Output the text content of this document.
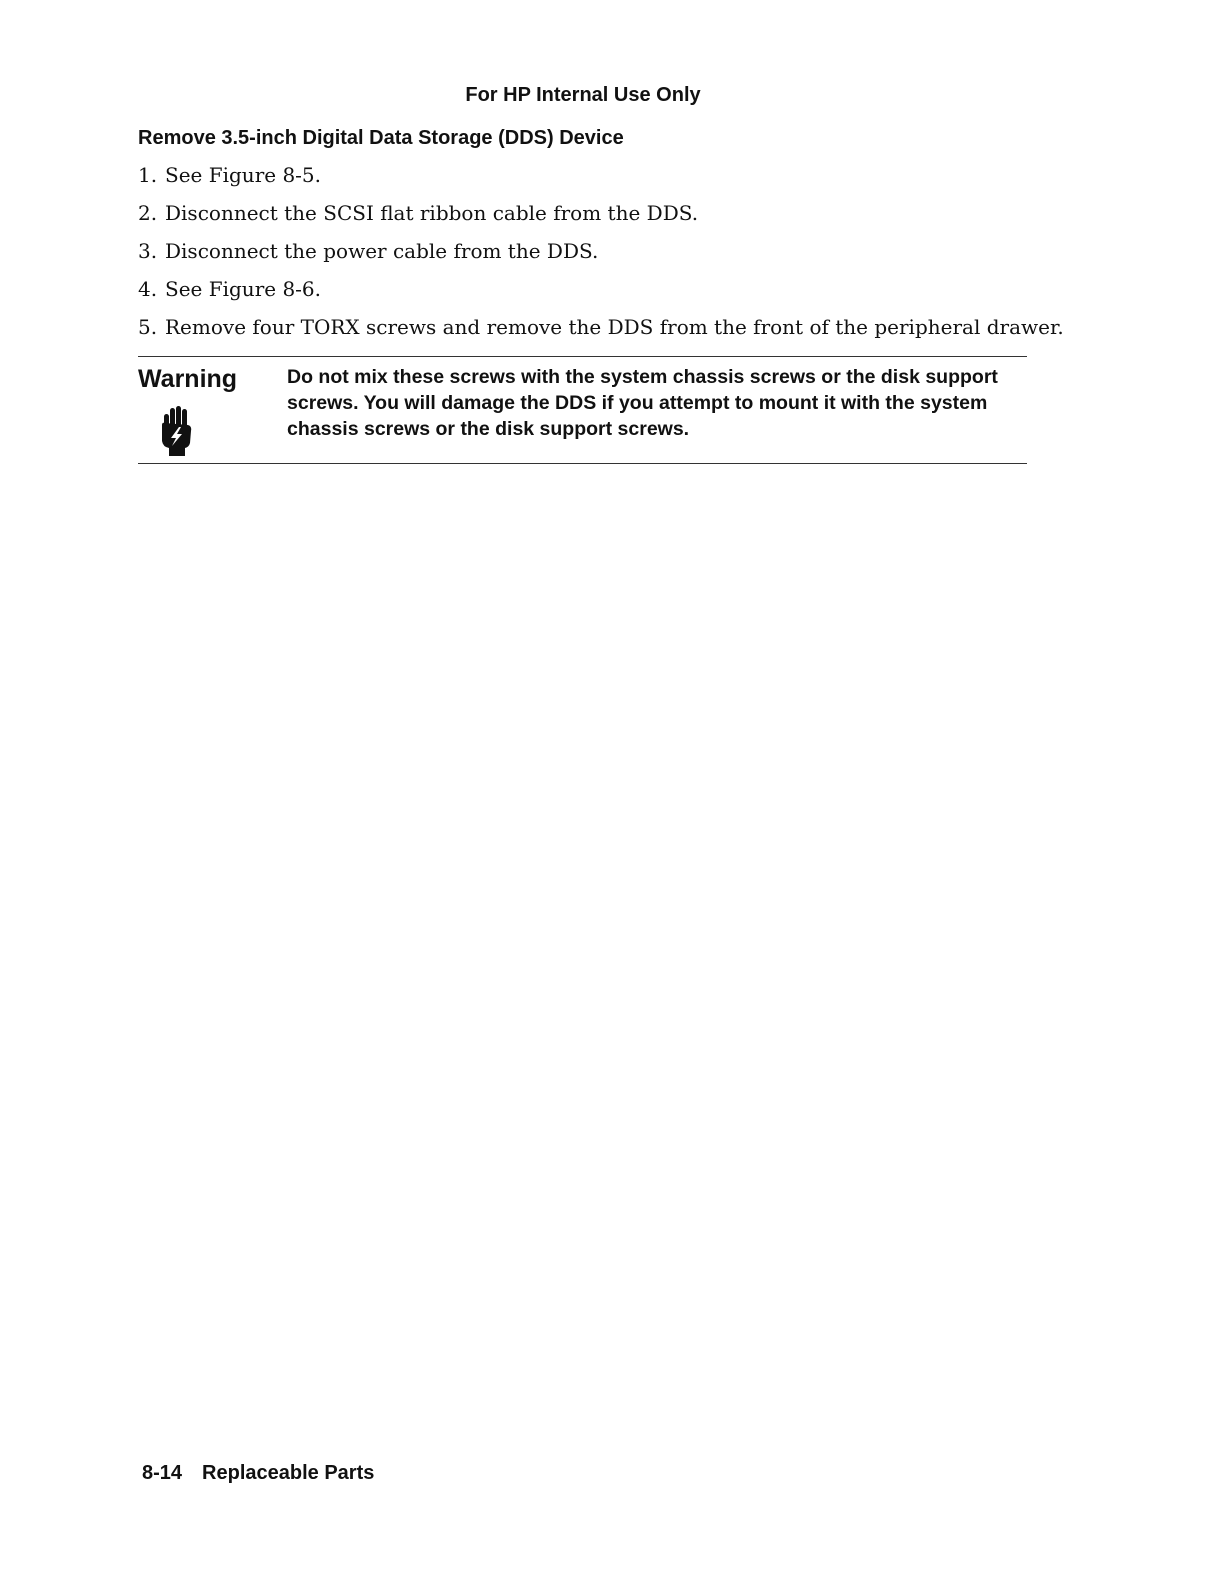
For HP Internal Use Only
Remove 3.5-inch Digital Data Storage (DDS) Device
1. See Figure 8-5.
2. Disconnect the SCSI flat ribbon cable from the DDS.
3. Disconnect the power cable from the DDS.
4. See Figure 8-6.
5. Remove four TORX screws and remove the DDS from the front of the peripheral drawer.
Warning	Do not mix these screws with the system chassis screws or the disk support screws. You will damage the DDS if you attempt to mount it with the system chassis screws or the disk support screws.
8-14 Replaceable Parts
